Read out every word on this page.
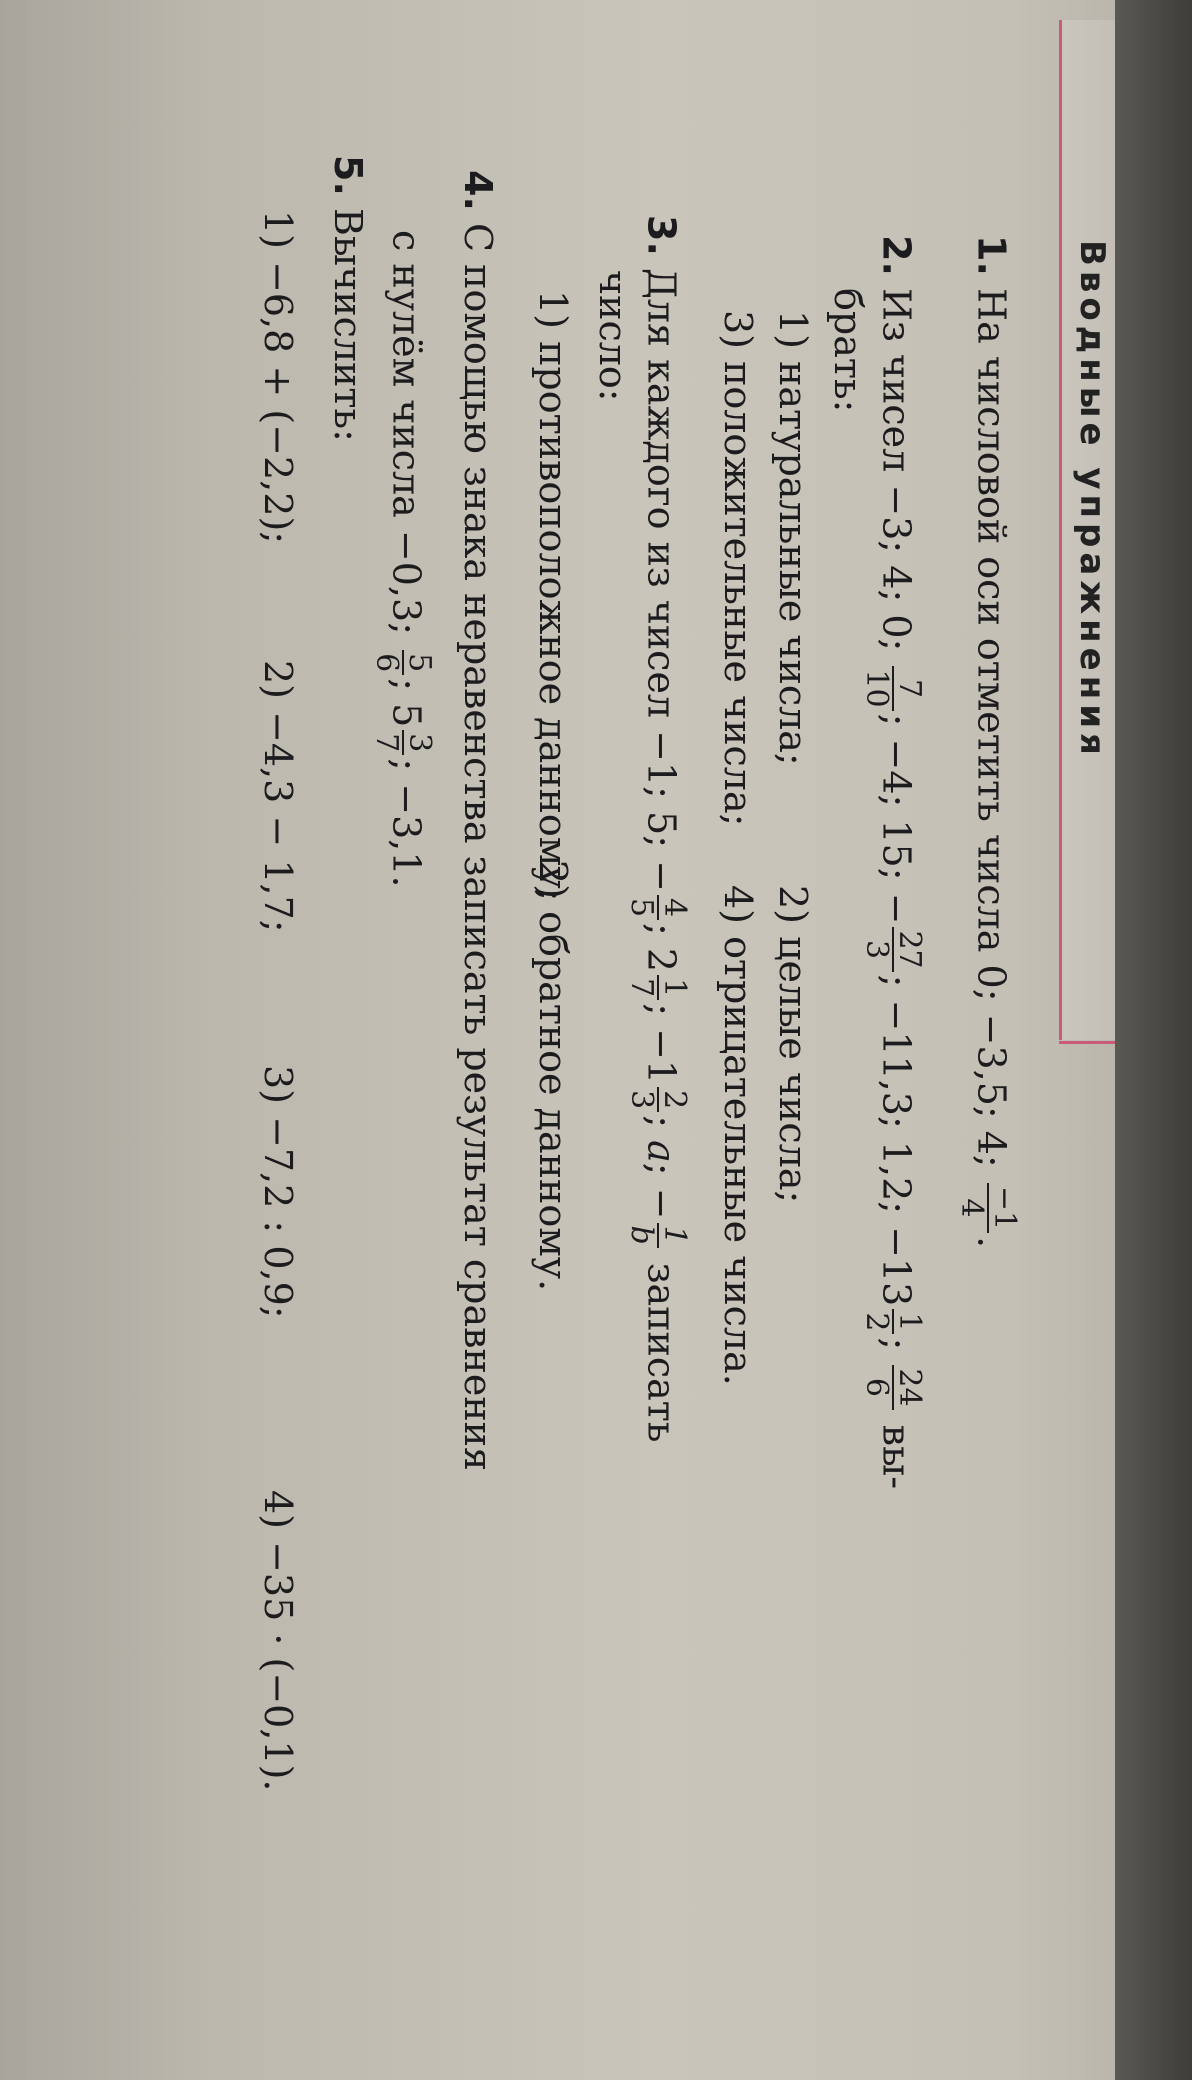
Вводные упражнения
1. На числовой оси отметить числа 0; −3,5; 4;
−1
4
.
2. Из чисел −3; 4; 0;
7
10
; −4; 15; −
27
3
; −11,3; 1,2; −13
1
2
;
24
6
вы-
брать:
1) натуральные числа;
2) целые числа;
3) положительные числа;
4) отрицательные числа.
3. Для каждого из чисел −1; 5; −
4
5
; 2
1
7
; −1
2
3
; a; −
1
b
записать
число:
1) противоположное данному;
2) обратное данному.
4. С помощью знака неравенства записать результат сравнения
с нулём числа −0,3;
5
6
; 5
3
7
; −3,1.
5. Вычислить:
1) −6,8 + (−2,2);
2) −4,3 − 1,7;
3) −7,2 : 0,9;
4) −35 · (−0,1).
